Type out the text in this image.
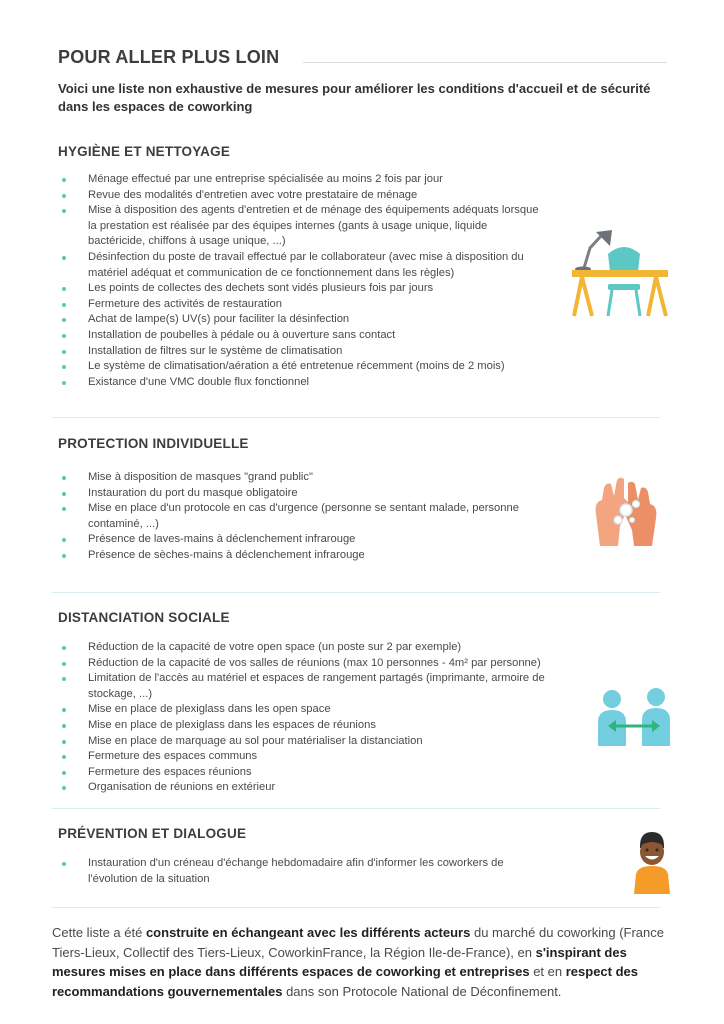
POUR ALLER PLUS LOIN
Voici une liste non exhaustive de mesures pour améliorer les conditions d'accueil et de sécurité dans les espaces de coworking
HYGIÈNE ET NETTOYAGE
Ménage effectué par une entreprise spécialisée au moins 2 fois par jour
Revue des modalités d'entretien avec votre prestataire de ménage
Mise à disposition des agents d'entretien et de ménage des équipements adéquats lorsque la prestation est réalisée par des équipes internes (gants à usage unique, liquide bactéricide, chiffons à usage unique, ...)
Désinfection du poste de travail effectué par le collaborateur (avec mise à disposition du matériel adéquat et communication de ce fonctionnement dans les règles)
Les points de collectes des dechets sont vidés plusieurs fois par jours
Fermeture des activités de restauration
Achat de lampe(s) UV(s) pour faciliter la désinfection
Installation de poubelles à pédale ou à ouverture sans contact
Installation de filtres sur le système de climatisation
Le système de climatisation/aération a été entretenue récemment (moins de 2 mois)
Existance d'une VMC double flux fonctionnel
PROTECTION INDIVIDUELLE
Mise à disposition de masques "grand public"
Instauration du port du masque obligatoire
Mise en place d'un protocole en cas d'urgence (personne se sentant malade, personne contaminé, ...)
Présence de laves-mains à déclenchement infrarouge
Présence de sèches-mains à déclenchement infrarouge
DISTANCIATION SOCIALE
Réduction de la capacité de votre open space (un poste sur 2 par exemple)
Réduction de la capacité de vos salles de réunions (max 10 personnes - 4m² par personne)
Limitation de l'accès au matériel et espaces de rangement partagés (imprimante, armoire de stockage, ...)
Mise en place de plexiglass dans les open space
Mise en place de plexiglass dans les espaces de réunions
Mise en place de marquage au sol pour matérialiser la distanciation
Fermeture des espaces communs
Fermeture des espaces réunions
Organisation de réunions en extérieur
PRÉVENTION ET DIALOGUE
Instauration d'un créneau d'échange hebdomadaire afin d'informer les coworkers de l'évolution de la situation
Cette liste a été construite en échangeant avec les différents acteurs du marché du coworking (France Tiers-Lieux, Collectif des Tiers-Lieux, CoworkinFrance, la Région Ile-de-France), en s'inspirant des mesures mises en place dans différents espaces de coworking et entreprises et en respect des recommandations gouvernementales dans son Protocole National de Déconfinement.
